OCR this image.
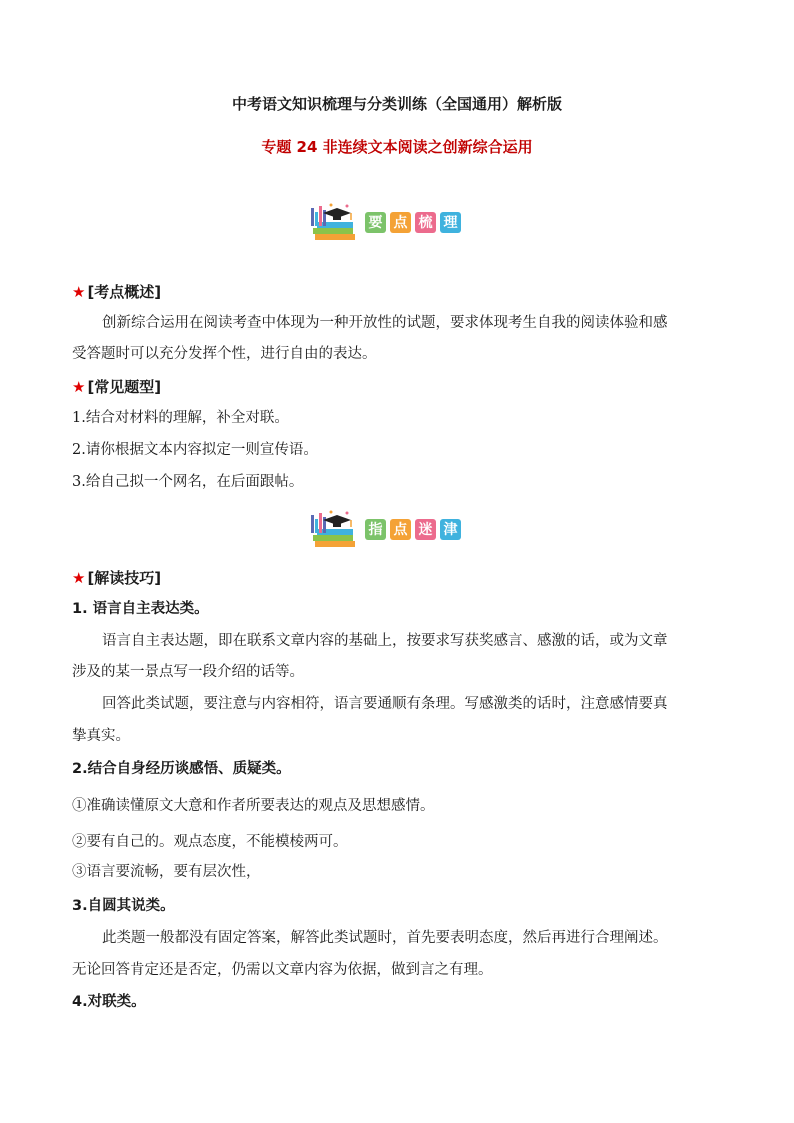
中考语文知识梳理与分类训练（全国通用）解析版
专题 24 非连续文本阅读之创新综合运用
要 点 梳 理
★ [考点概述]
创新综合运用在阅读考查中体现为一种开放性的试题，要求体现考生自我的阅读体验和感
受答题时可以充分发挥个性，进行自由的表达。
★ [常见题型]
1.结合对材料的理解，补全对联。
2.请你根据文本内容拟定一则宣传语。
3.给自己拟一个网名，在后面跟帖。
指 点 迷 津
★ [解读技巧]
1. 语言自主表达类。
语言自主表达题，即在联系文章内容的基础上，按要求写获奖感言、感激的话，或为文章
涉及的某一景点写一段介绍的话等。
回答此类试题，要注意与内容相符，语言要通顺有条理。写感激类的话时，注意感情要真
挚真实。
2.结合自身经历谈感悟、质疑类。
①准确读懂原文大意和作者所要表达的观点及思想感情。
②要有自己的。观点态度，不能模棱两可。
③语言要流畅，要有层次性，
3.自圆其说类。
此类题一般都没有固定答案，解答此类试题时，首先要表明态度，然后再进行合理阐述。
无论回答肯定还是否定，仍需以文章内容为依据，做到言之有理。
4.对联类。
